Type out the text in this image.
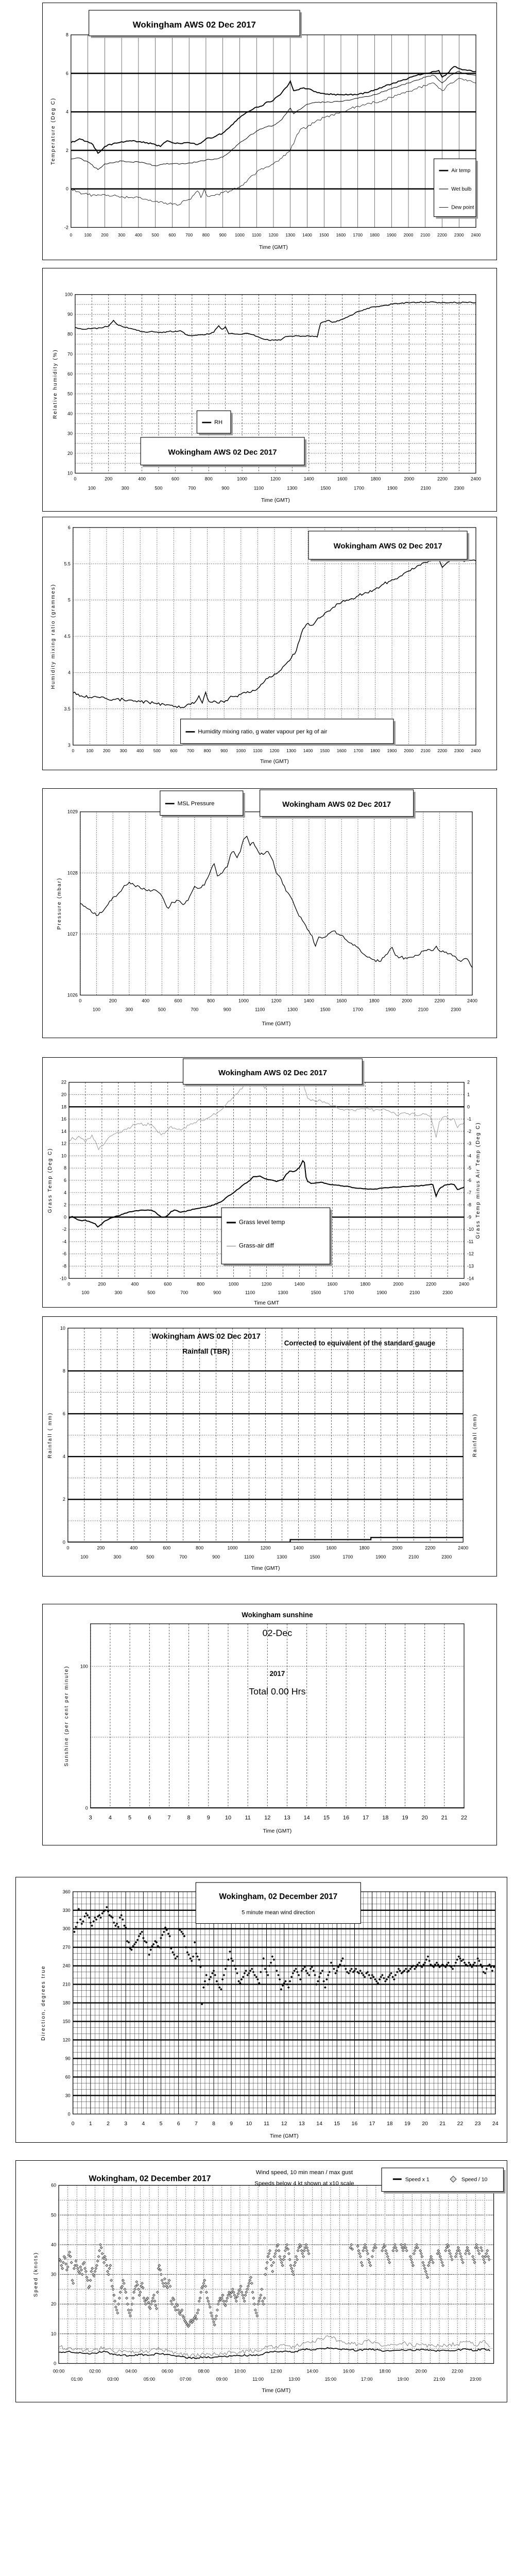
0	100 200 300 400 500 600 700 800 900 1000 1100 1200 1300 1400 1500 1600 1700 1800 1900 2000 2100 2200 2300 2400
-2
0
2
4
6
8
Time (GMT)
Temperature (Deg C)
Wokingham AWS 02 Dec 2017
Air temp
Wet bulb
Dew point
0
100
200
300
400
500
600
700
800
900
1000
1100
1200
1300
1400
1500
1600
1700
1800
1900
2000
2100
2200
2300
2400
10
20
30
40
50
60
70
80
90
100
Time (GMT)
Relative humidity (%)
RH
Wokingham AWS 02 Dec 2017
0	100 200 300 400 500 600 700 800 900 1000 1100 1200 1300 1400 1500 1600 1700 1800 1900 2000 2100 2200 2300 2400
3
3.5
4
4.5
5
5.5
6
Time (GMT)
Humidity mixing ratio (grammes)
Wokingham AWS 02 Dec 2017
Humidity mixing ratio, g water vapour per kg of air
0
100
200
300
400
500
600
700
800
900
1000
1100
1200
1300
1400
1500
1600
1700
1800
1900
2000
2100
2200
2300
2400
1026
1027
1028
1029
Time (GMT)
Pressure (mbar)
MSL Pressure	Wokingham AWS 02 Dec 2017
0
100
200
300
400
500
600
700
800
900
1000
1100
1200
1300
1400
1500
1600
1700
1800
1900
2000
2100
2200
2300
2400
-10
-8
-6
-4
-2
0
2
4
6
8
10
12
14
16
18
20
22
-14
-13
-12
-11
-10
-9
-8
-7
-6
-5
-4
-3
-2
-1
0
1
2
Time GMT
Grass Temp (Deg C)	Grass Temp minus Air Temp (Deg C)
Wokingham AWS 02 Dec 2017
Grass level temp
Grass-air diff
0
100
200
300
400
500
600
700
800
900
1000
1100
1200
1300
1400
1500
1600
1700
1800
1900
2000
2100
2200
2300
2400
0
2
4
6
8
10
Time (GMT)
Rainfall ( mm)	Rainfall (mm)
Wokingham AWS 02 Dec 2017
Rainfall (TBR)
Corrected to equivalent of the standard gauge
3	4	5	6	7	8	9	10 11 12 13 14 15 16 17 18 19 20 21 22
0
100
Time (GMT)
Sunshine (per cent per minute)
Wokingham sunshine
02-Dec
2017
Total 0.00 Hrs
0	1	2	3	4	5	6	7	8	9 10 11 12 13 14 15 16 17 18 19 20 21 22 23 24
0
30
60
90
120
150
180
210
240
270
300
330
360
Time (GMT)
Direction, degrees true
Wokingham, 02 December 2017
5 minute mean wind direction
00:00
01:00
02:00
03:00
04:00
05:00
06:00
07:00
08:00
09:00
10:00
11:00
12:00
13:00
14:00
15:00
16:00
17:00
18:00
19:00
20:00
21:00
22:00
23:00
0
10
20
30
40
50
60
Time (GMT)
Speed (knots)
Wokingham, 02 December 2017
Wind speed, 10 min mean / max gust
Speeds below 4 kt shown at x10 scale
Speed x 1	Speed / 10
